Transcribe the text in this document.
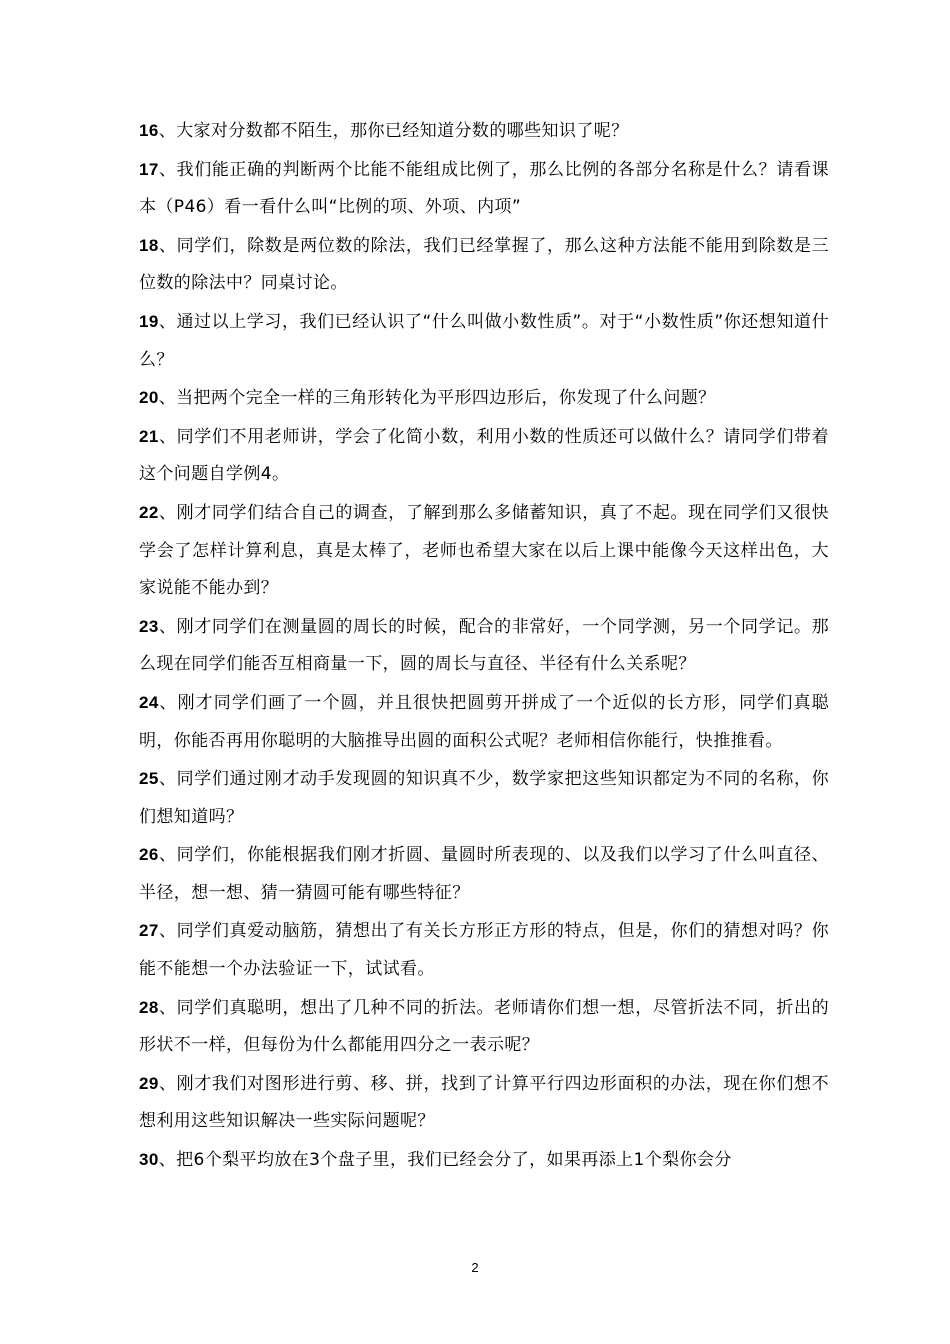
16、大家对分数都不陌生，那你已经知道分数的哪些知识了呢？

17、我们能正确的判断两个比能不能组成比例了，那么比例的各部分名称是什么？请看课本（P46）看一看什么叫“比例的项、外项、内项”

18、同学们，除数是两位数的除法，我们已经掌握了，那么这种方法能不能用到除数是三位数的除法中？同桌讨论。

19、通过以上学习，我们已经认识了“什么叫做小数性质”。对于“小数性质”你还想知道什么？

20、当把两个完全一样的三角形转化为平形四边形后，你发现了什么问题？

21、同学们不用老师讲，学会了化简小数，利用小数的性质还可以做什么？请同学们带着这个问题自学例4。

22、刚才同学们结合自己的调查，了解到那么多储蓄知识，真了不起。现在同学们又很快学会了怎样计算利息，真是太棒了，老师也希望大家在以后上课中能像今天这样出色，大家说能不能办到？

23、刚才同学们在测量圆的周长的时候，配合的非常好，一个同学测，另一个同学记。那么现在同学们能否互相商量一下，圆的周长与直径、半径有什么关系呢？

24、刚才同学们画了一个圆，并且很快把圆剪开拼成了一个近似的长方形，同学们真聪明，你能否再用你聪明的大脑推导出圆的面积公式呢？老师相信你能行，快推推看。

25、同学们通过刚才动手发现圆的知识真不少，数学家把这些知识都定为不同的名称，你们想知道吗？

26、同学们，你能根据我们刚才折圆、量圆时所表现的、以及我们以学习了什么叫直径、半径，想一想、猜一猜圆可能有哪些特征？

27、同学们真爱动脑筋，猜想出了有关长方形正方形的特点，但是，你们的猜想对吗？你能不能想一个办法验证一下，试试看。

28、同学们真聪明，想出了几种不同的折法。老师请你们想一想，尽管折法不同，折出的形状不一样，但每份为什么都能用四分之一表示呢？

29、刚才我们对图形进行剪、移、拼，找到了计算平行四边形面积的办法，现在你们想不想利用这些知识解决一些实际问题呢？

30、把6个梨平均放在3个盘子里，我们已经会分了，如果再添上1个梨你会分

2
